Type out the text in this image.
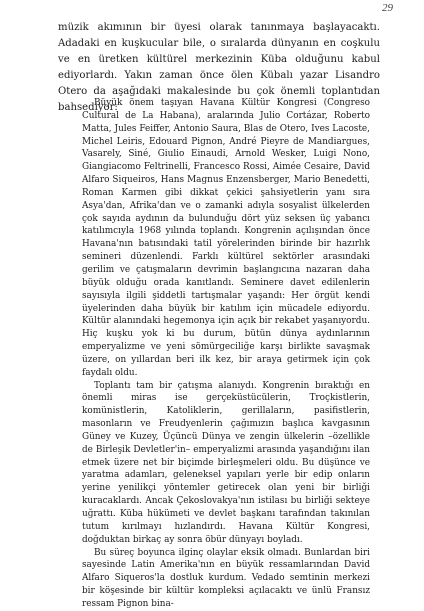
29

müzik akımının bir üyesi olarak tanınmaya başlayacaktı. Adadaki en kuşkucular bile, o sıralarda dünyanın en coşkulu ve en üretken kültürel merkezinin Küba olduğunu kabul ediyorlardı. Yakın zaman önce ölen Kübalı yazar Lisandro Otero da aşağıdaki makalesinde bu çok önemli toplantıdan bahsediyor:

Büyük önem taşıyan Havana Kültür Kongresi (Congreso Cultural de La Habana), aralarında Julio Cortázar, Roberto Matta, Jules Feiffer, Antonio Saura, Blas de Otero, Ives Lacoste, Michel Leiris, Edouard Pignon, André Pieyre de Mandiargues, Vasarely, Siné, Giulio Einaudi, Arnold Wesker, Luigi Nono, Giangiacomo Feltrinelli, Francesco Rossi, Aimée Cesaire, David Alfaro Siqueiros, Hans Magnus Enzensberger, Mario Benedetti, Roman Karmen gibi dikkat çekici şahsiyetlerin yanı sıra Asya'dan, Afrika'dan ve o zamanki adıyla sosyalist ülkelerden çok sayıda aydının da bulunduğu dört yüz seksen üç yabancı katılımcıyla 1968 yılında toplandı. Kongrenin açılışından önce Havana'nın batısındaki tatil yörelerinden birinde bir hazırlık semineri düzenlendi. Farklı kültürel sektörler arasındaki gerilim ve çatışmaların devrimin başlangıcına nazaran daha büyük olduğu orada kanıtlandı. Seminere davet edilenlerin sayısıyla ilgili şiddetli tartışmalar yaşandı: Her örgüt kendi üyelerinden daha büyük bir katılım için mücadele ediyordu. Kültür alanındaki hegemonya için açık bir rekabet yaşanıyordu. Hiç kuşku yok ki bu durum, bütün dünya aydınlarının emperyalizme ve yeni sömürgeciliğe karşı birlikte savaşmak üzere, on yıllardan beri ilk kez, bir araya getirmek için çok faydalı oldu.

Toplantı tam bir çatışma alanıydı. Kongrenin bıraktığı en önemli miras ise gerçeküstücülerin, Troçkistlerin, komünistlerin, Katoliklerin, gerillaların, pasifistlerin, masonların ve Freudyenlerin çağımızın başlıca kavgasının Güney ve Kuzey, Üçüncü Dünya ve zengin ülkelerin –özellikle de Birleşik Devletler'in– emperyalizmi arasında yaşandığını ilan etmek üzere net bir biçimde birleşmeleri oldu. Bu düşünce ve yaratma adamları, geleneksel yapıları yerle bir edip onların yerine yenilikçi yöntemler getirecek olan yeni bir birliği kuracaklardı. Ancak Çekoslovakya'nın istilası bu birliği sekteye uğrattı. Küba hükümeti ve devlet başkanı tarafından takınılan tutum kırılmayı hızlandırdı. Havana Kültür Kongresi, doğduktan birkaç ay sonra öbür dünyayı boyladı.

Bu süreç boyunca ilginç olaylar eksik olmadı. Bunlardan biri sayesinde Latin Amerika'nın en büyük ressamlarından David Alfaro Siqueros'la dostluk kurdum. Vedado semtinin merkezi bir köşesinde bir kültür kompleksi açılacaktı ve ünlü Fransız ressam Pignon bina-
